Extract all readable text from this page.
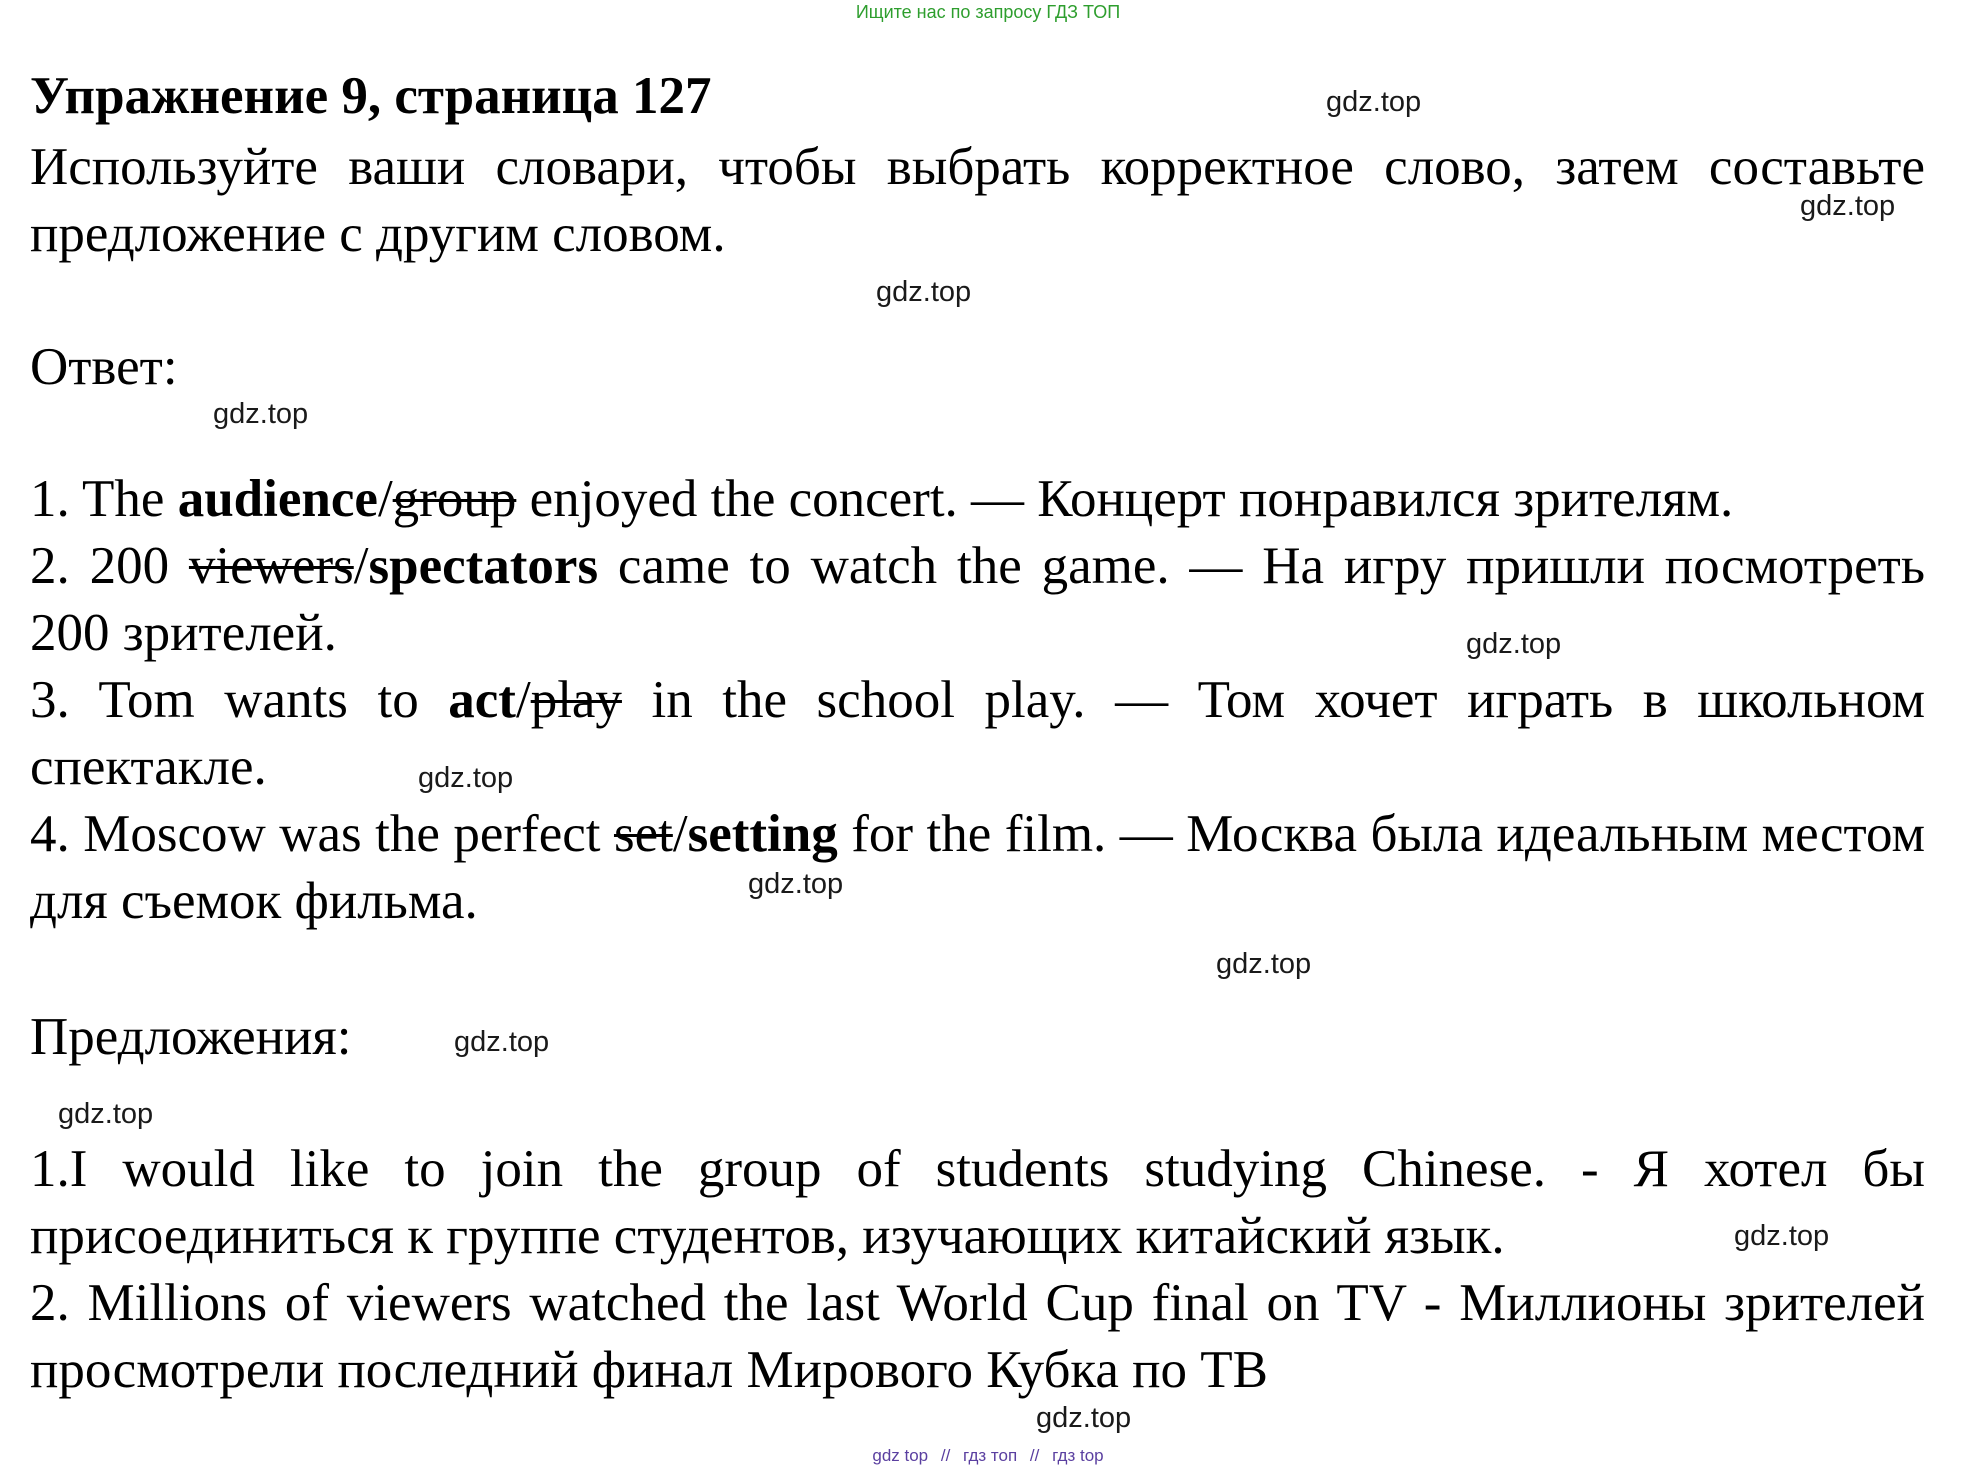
Ищите нас по запросу ГДЗ ТОП
Упражнение 9, страница 127

Используйте ваши словари, чтобы выбрать корректное слово, затем составьте предложение с другим словом.

Ответ:

1. The audience/group enjoyed the concert. — Концерт понравился зрителям.

2. 200 viewers/spectators came to watch the game. — На игру пришли посмотреть 200 зрителей.

3. Tom wants to act/play in the school play. — Том хочет играть в школьном спектакле.

4. Moscow was the perfect set/setting for the film. — Москва была идеальным местом для съемок фильма.

Предложения:

1.I would like to join the group of students studying Chinese. - Я хотел бы присоединиться к группе студентов, изучающих китайский язык.

2. Millions of viewers watched the last World Cup final on TV - Миллионы зрителей просмотрели последний финал Мирового Кубка по ТВ

gdz.top
gdz.top
gdz.top
gdz.top
gdz.top
gdz.top
gdz.top
gdz.top
gdz.top
gdz.top
gdz.top
gdz.top
gdz top // гдз топ // гдз top
